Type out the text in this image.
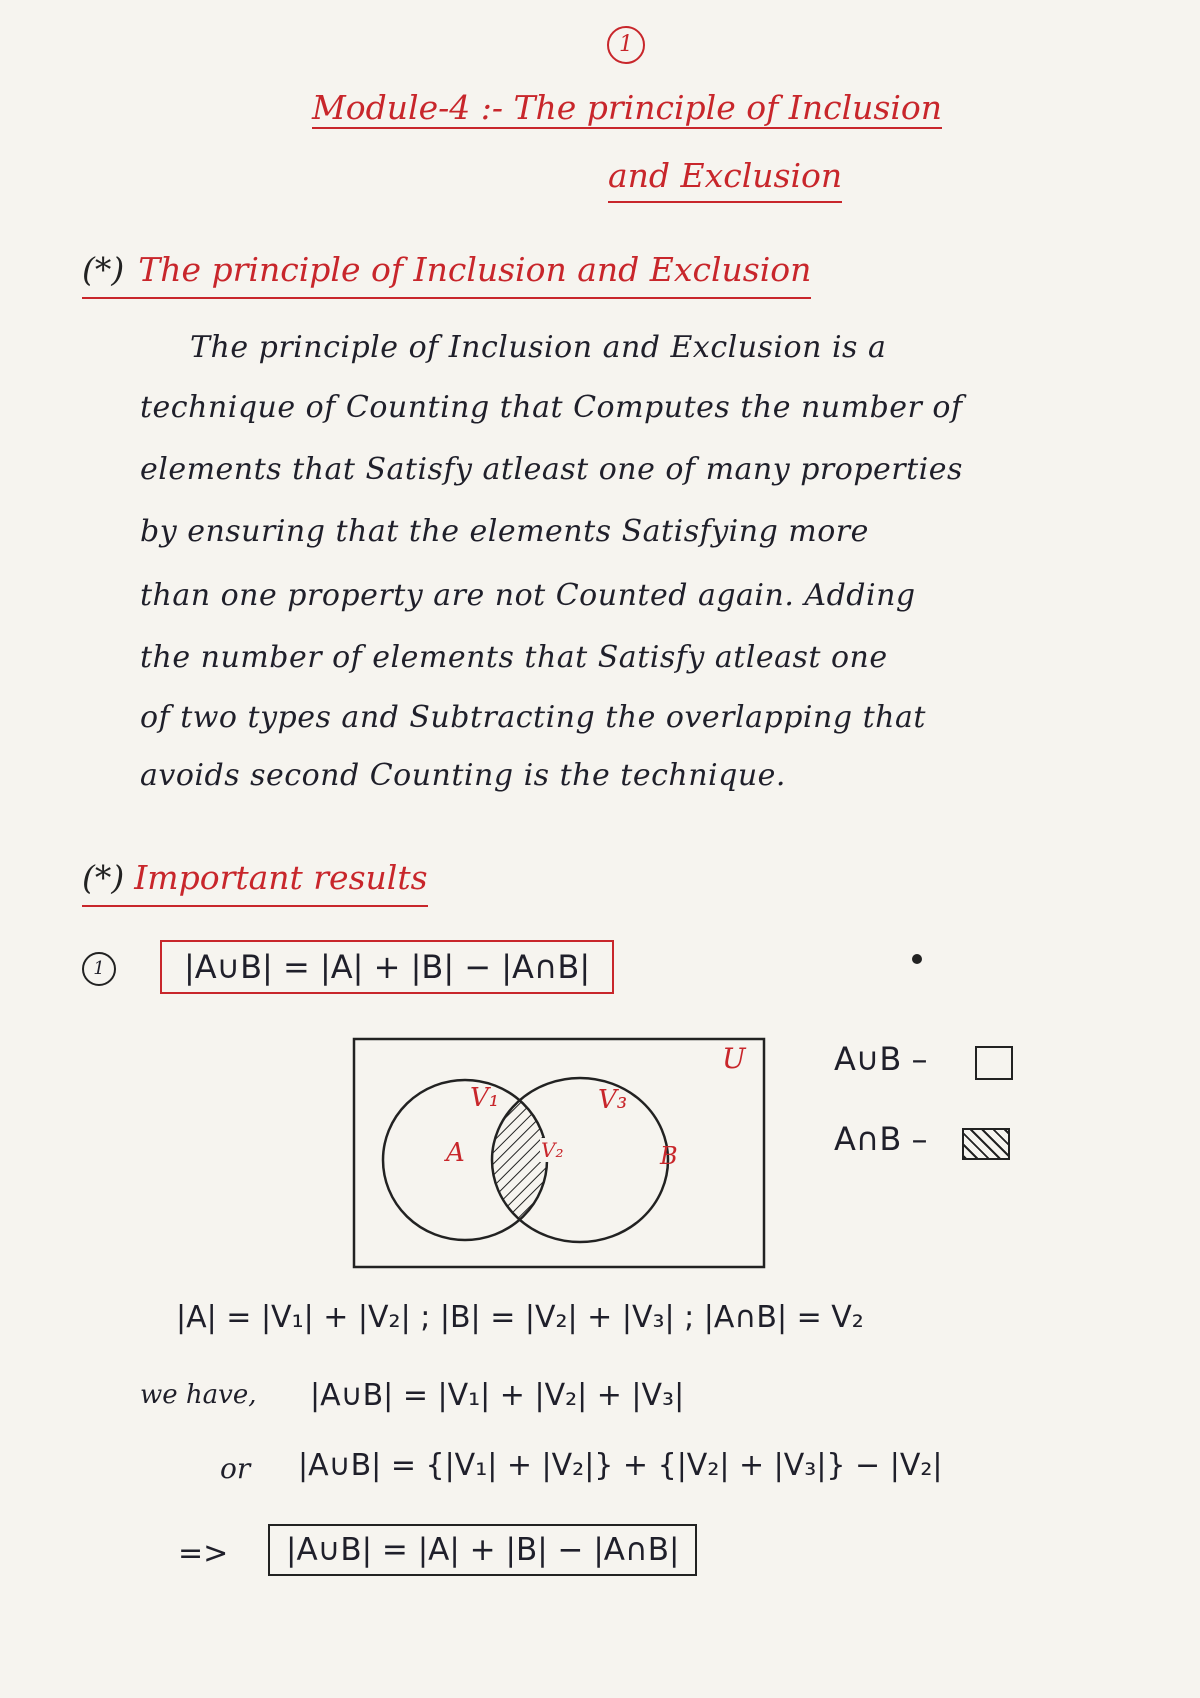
1
Module-4 :- The principle of Inclusion
and Exclusion
(*) The principle of Inclusion and Exclusion
The principle of Inclusion and Exclusion is a
technique of Counting that Computes the number of
elements that Satisfy atleast one of many properties
by ensuring that the elements Satisfying more
than one property are not Counted again. Adding
the number of elements that Satisfy atleast one
of two types and Subtracting the overlapping that
avoids second Counting is the technique.
(*) Important results
1	|A∪B| = |A| + |B| − |A∩B|
U
V₁	V₃
V₂
A	B
A∪B –
A∩B –
|A| = |V₁| + |V₂| ; |B| = |V₂| + |V₃| ; |A∩B| = V₂
we have, |A∪B| = |V₁| + |V₂| + |V₃|
or |A∪B| = {|V₁| + |V₂|} + {|V₂| + |V₃|} − |V₂|
=>	|A∪B| = |A| + |B| − |A∩B|
